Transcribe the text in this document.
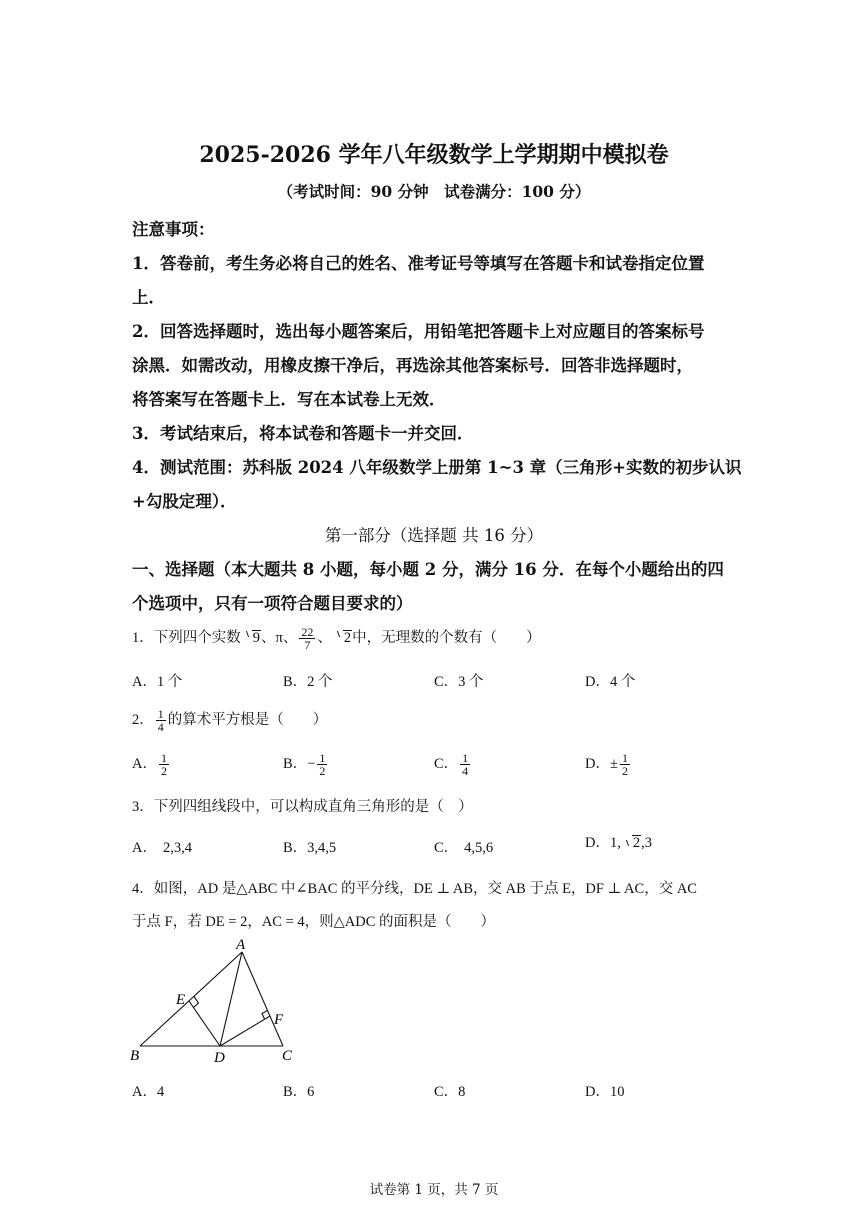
2025-2026 学年八年级数学上学期期中模拟卷
（考试时间：90 分钟　试卷满分：100 分）
注意事项：
1．答卷前，考生务必将自己的姓名、准考证号等填写在答题卡和试卷指定位置
上．
2．回答选择题时，选出每小题答案后，用铅笔把答题卡上对应题目的答案标号
涂黑．如需改动，用橡皮擦干净后，再选涂其他答案标号．回答非选择题时，
将答案写在答题卡上．写在本试卷上无效．
3．考试结束后，将本试卷和答题卡一并交回．
4．测试范围：苏科版 2024 八年级数学上册第 1~3 章（三角形+实数的初步认识
+勾股定理）．
第一部分（选择题 共 16 分）
一、选择题（本大题共 8 小题，每小题 2 分，满分 16 分．在每个小题给出的四
个选项中，只有一项符合题目要求的）
1．下列四个实数 9、π、 $\frac{22}{7}$ 、 2中，无理数的个数有（　　）
A．1 个	B．2 个	C．3 个	D．4 个
2． $\frac{1}{4}$ 的算术平方根是（　　）
A． $\frac{1}{2}$	B．− $\frac{1}{2}$	C． $\frac{1}{4}$	D．± $\frac{1}{2}$
3．下列四组线段中，可以构成直角三角形的是（　）
A． 2,3,4	B．3,4,5	C． 4,5,6	D．1, 2,3
4．如图，AD 是△ABC 中∠BAC 的平分线，DE ⊥ AB，交 AB 于点 E，DF ⊥ AC，交 AC
于点 F，若 DE = 2，AC = 4，则△ADC 的面积是（　　）
A
E
F
B	D	C
A．4	B．6	C．8	D．10
试卷第 1 页，共 7 页
